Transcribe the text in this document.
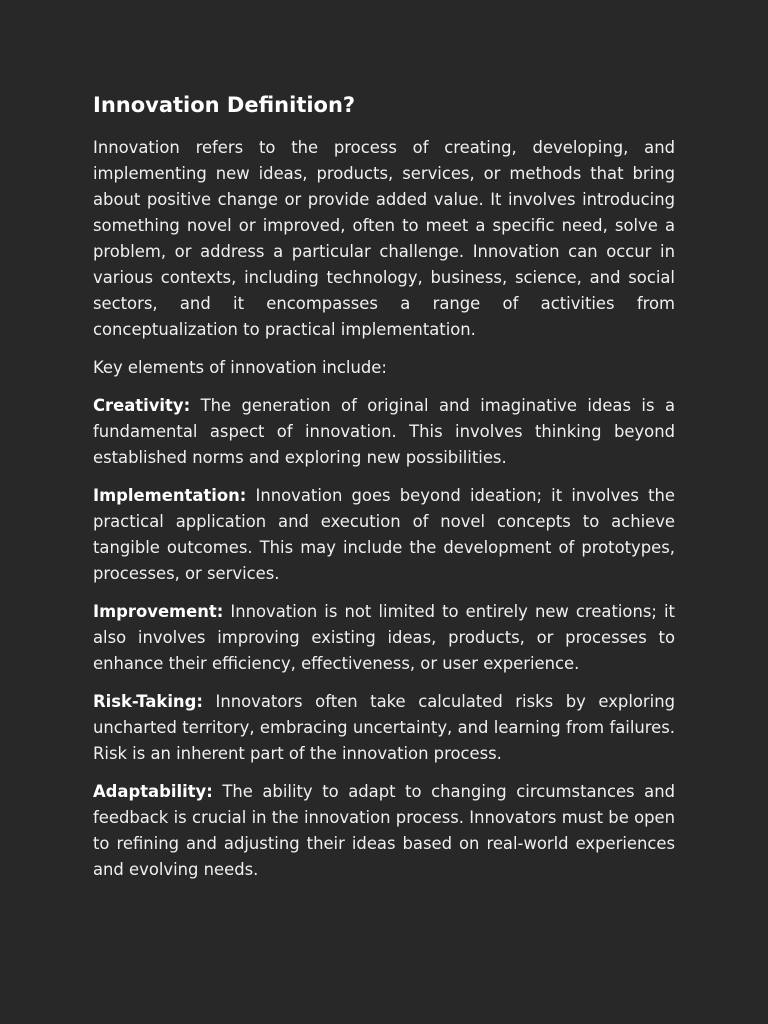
Innovation Definition?

Innovation refers to the process of creating, developing, and implementing new ideas, products, services, or methods that bring about positive change or provide added value. It involves introducing something novel or improved, often to meet a specific need, solve a problem, or address a particular challenge. Innovation can occur in various contexts, including technology, business, science, and social sectors, and it encompasses a range of activities from conceptualization to practical implementation.

Key elements of innovation include:

Creativity: The generation of original and imaginative ideas is a fundamental aspect of innovation. This involves thinking beyond established norms and exploring new possibilities.

Implementation: Innovation goes beyond ideation; it involves the practical application and execution of novel concepts to achieve tangible outcomes. This may include the development of prototypes, processes, or services.

Improvement: Innovation is not limited to entirely new creations; it also involves improving existing ideas, products, or processes to enhance their efficiency, effectiveness, or user experience.

Risk-Taking: Innovators often take calculated risks by exploring uncharted territory, embracing uncertainty, and learning from failures. Risk is an inherent part of the innovation process.

Adaptability: The ability to adapt to changing circumstances and feedback is crucial in the innovation process. Innovators must be open to refining and adjusting their ideas based on real-world experiences and evolving needs.
